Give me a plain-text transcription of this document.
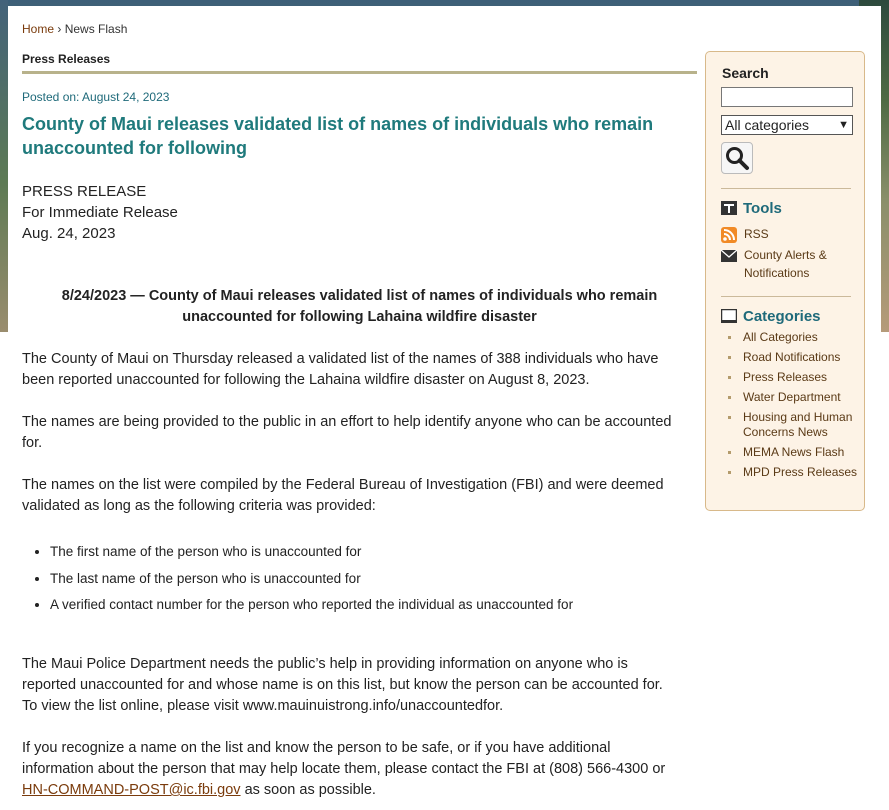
Home › News Flash
Press Releases
Posted on: August 24, 2023
County of Maui releases validated list of names of individuals who remain
unaccounted for following
PRESS RELEASE
For Immediate Release
Aug. 24, 2023
8/24/2023 — County of Maui releases validated list of names of individuals who remain
unaccounted for following Lahaina wildfire disaster

The County of Maui on Thursday released a validated list of the names of 388 individuals who have
been reported unaccounted for following the Lahaina wildfire disaster on August 8, 2023.

The names are being provided to the public in an effort to help identify anyone who can be accounted
for.

The names on the list were compiled by the Federal Bureau of Investigation (FBI) and were deemed
validated as long as the following criteria was provided:

• The first name of the person who is unaccounted for
• The last name of the person who is unaccounted for
• A verified contact number for the person who reported the individual as unaccounted for

The Maui Police Department needs the public’s help in providing information on anyone who is
reported unaccounted for and whose name is on this list, but know the person can be accounted for.
To view the list online, please visit www.mauinuistrong.info/unaccountedfor.

If you recognize a name on the list and know the person to be safe, or if you have additional
information about the person that may help locate them, please contact the FBI at (808) 566-4300 or
HN-COMMAND-POST@ic.fbi.gov as soon as possible.

Search
All categories	▼
Tools
RSS
County Alerts & Notifications
Categories
All Categories
Road Notifications
Press Releases
Water Department
Housing and Human Concerns News
MEMA News Flash
MPD Press Releases
